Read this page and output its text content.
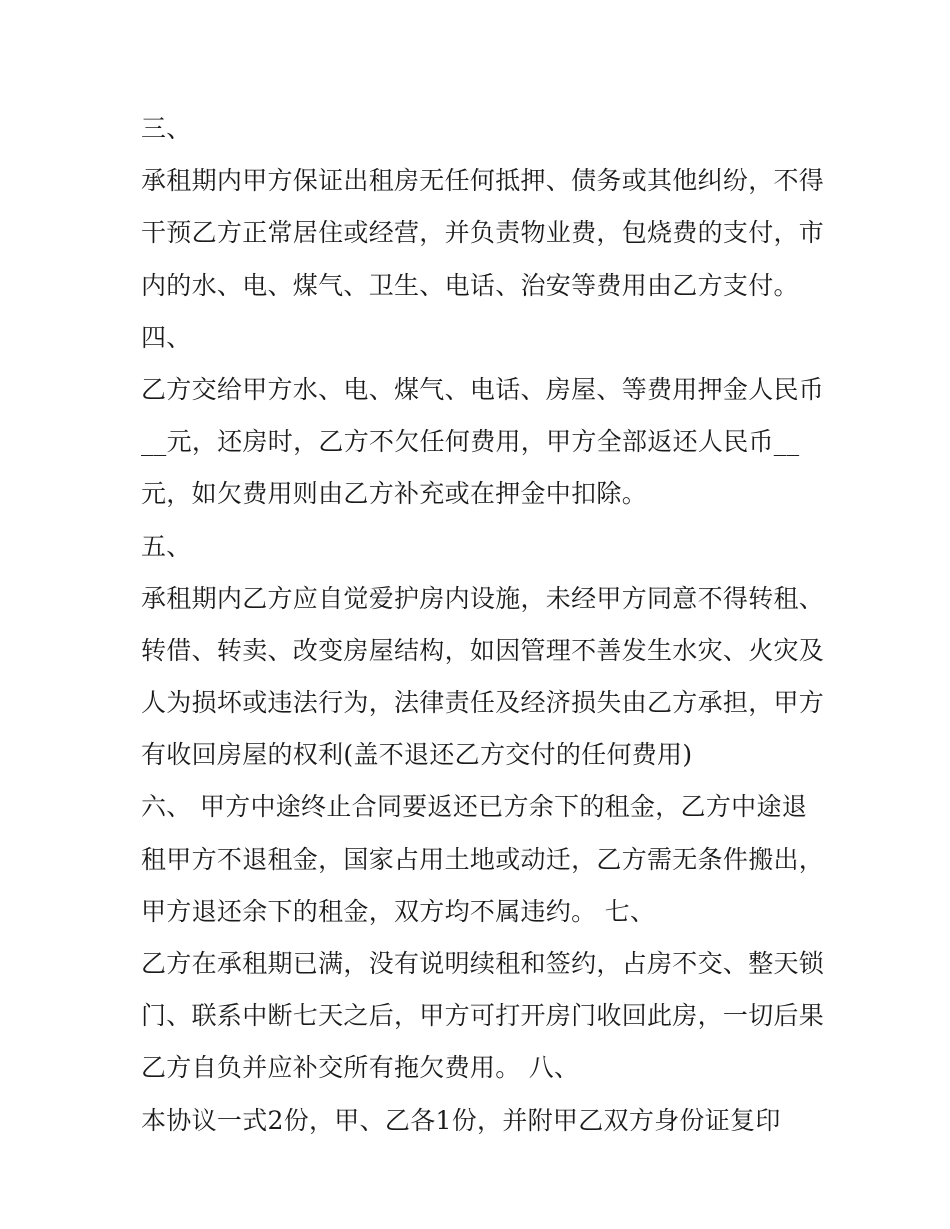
三、
承租期内甲方保证出租房无任何抵押、债务或其他纠纷，不得
干预乙方正常居住或经营，并负责物业费，包烧费的支付，市
内的水、电、煤气、卫生、电话、治安等费用由乙方支付。
四、
乙方交给甲方水、电、煤气、电话、房屋、等费用押金人民币
__元，还房时，乙方不欠任何费用，甲方全部返还人民币__
元，如欠费用则由乙方补充或在押金中扣除。
五、
承租期内乙方应自觉爱护房内设施，未经甲方同意不得转租、
转借、转卖、改变房屋结构，如因管理不善发生水灾、火灾及
人为损坏或违法行为，法律责任及经济损失由乙方承担，甲方
有收回房屋的权利(盖不退还乙方交付的任何费用)
六、 甲方中途终止合同要返还已方余下的租金，乙方中途退
租甲方不退租金，国家占用土地或动迁，乙方需无条件搬出，
甲方退还余下的租金，双方均不属违约。 七、
乙方在承租期已满，没有说明续租和签约，占房不交、整天锁
门、联系中断七天之后，甲方可打开房门收回此房，一切后果
乙方自负并应补交所有拖欠费用。 八、
本协议一式2份，甲、乙各1份，并附甲乙双方身份证复印
